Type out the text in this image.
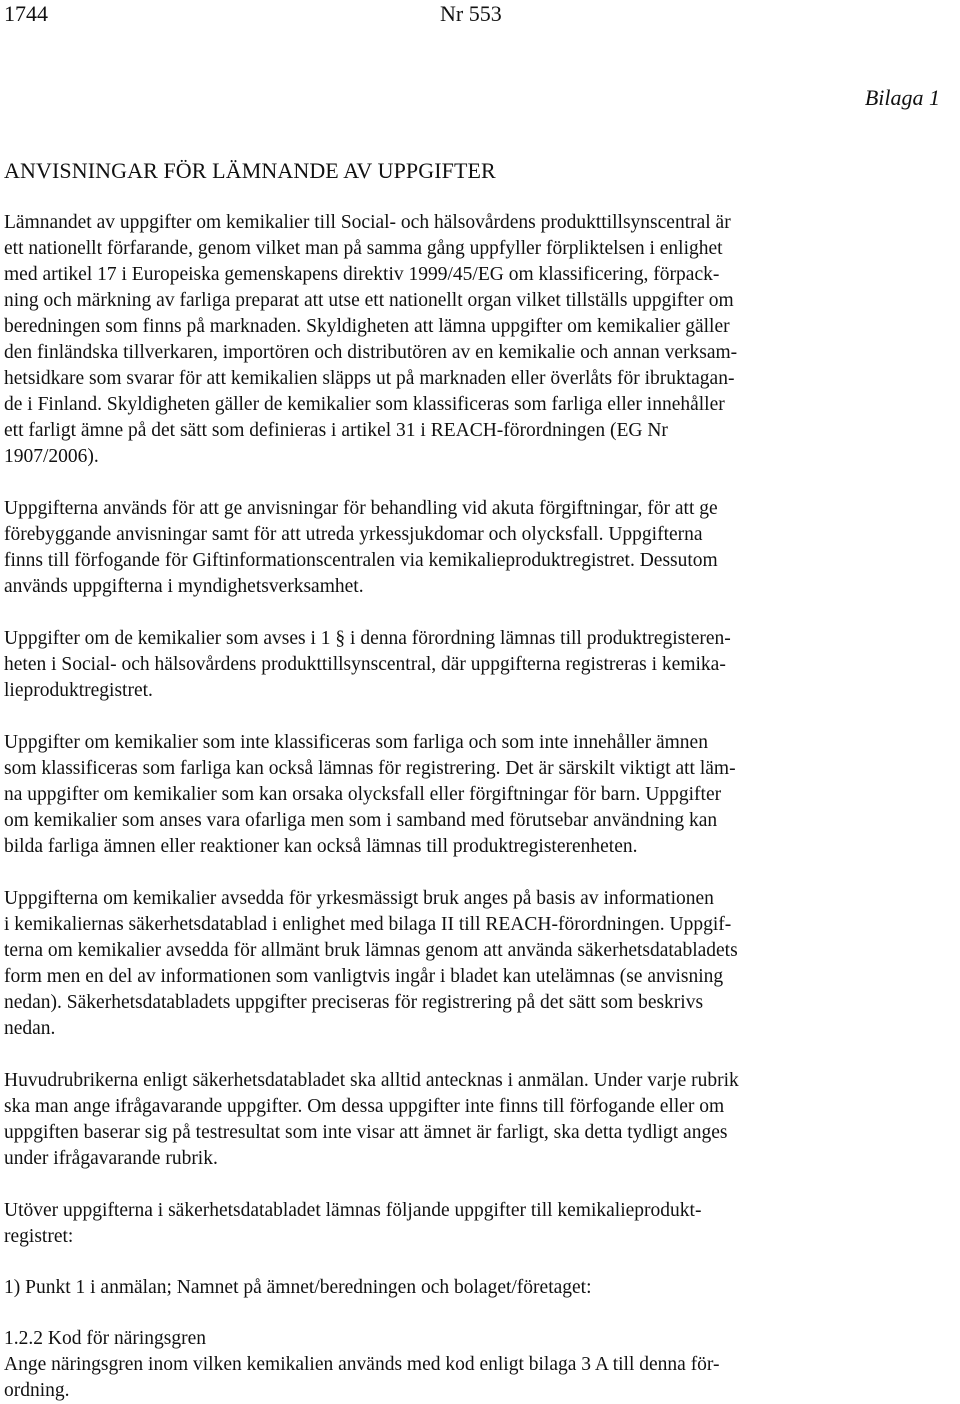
1744	Nr 553
Bilaga 1
ANVISNINGAR FÖR LÄMNANDE AV UPPGIFTER
Lämnandet av uppgifter om kemikalier till Social- och hälsovårdens produkttillsynscentral är
ett nationellt förfarande, genom vilket man på samma gång uppfyller förpliktelsen i enlighet
med artikel 17 i Europeiska gemenskapens direktiv 1999/45/EG om klassificering, förpack-
ning och märkning av farliga preparat att utse ett nationellt organ vilket tillställs uppgifter om
beredningen som finns på marknaden. Skyldigheten att lämna uppgifter om kemikalier gäller
den finländska tillverkaren, importören och distributören av en kemikalie och annan verksam-
hetsidkare som svarar för att kemikalien släpps ut på marknaden eller överlåts för ibruktagan-
de i Finland. Skyldigheten gäller de kemikalier som klassificeras som farliga eller innehåller
ett farligt ämne på det sätt som definieras i artikel 31 i REACH-förordningen (EG Nr
1907/2006).
Uppgifterna används för att ge anvisningar för behandling vid akuta förgiftningar, för att ge
förebyggande anvisningar samt för att utreda yrkessjukdomar och olycksfall. Uppgifterna
finns till förfogande för Giftinformationscentralen via kemikalieproduktregistret. Dessutom
används uppgifterna i myndighetsverksamhet.
Uppgifter om de kemikalier som avses i 1 § i denna förordning lämnas till produktregisteren-
heten i Social- och hälsovårdens produkttillsynscentral, där uppgifterna registreras i kemika-
lieproduktregistret.
Uppgifter om kemikalier som inte klassificeras som farliga och som inte innehåller ämnen
som klassificeras som farliga kan också lämnas för registrering. Det är särskilt viktigt att läm-
na uppgifter om kemikalier som kan orsaka olycksfall eller förgiftningar för barn. Uppgifter
om kemikalier som anses vara ofarliga men som i samband med förutsebar användning kan
bilda farliga ämnen eller reaktioner kan också lämnas till produktregisterenheten.
Uppgifterna om kemikalier avsedda för yrkesmässigt bruk anges på basis av informationen
i kemikaliernas säkerhetsdatablad i enlighet med bilaga II till REACH-förordningen. Uppgif-
terna om kemikalier avsedda för allmänt bruk lämnas genom att använda säkerhetsdatabladets
form men en del av informationen som vanligtvis ingår i bladet kan utelämnas (se anvisning
nedan). Säkerhetsdatabladets uppgifter preciseras för registrering på det sätt som beskrivs
nedan.
Huvudrubrikerna enligt säkerhetsdatabladet ska alltid antecknas i anmälan. Under varje rubrik
ska man ange ifrågavarande uppgifter. Om dessa uppgifter inte finns till förfogande eller om
uppgiften baserar sig på testresultat som inte visar att ämnet är farligt, ska detta tydligt anges
under ifrågavarande rubrik.
Utöver uppgifterna i säkerhetsdatabladet lämnas följande uppgifter till kemikalieprodukt-
registret:
1) Punkt 1 i anmälan; Namnet på ämnet/beredningen och bolaget/företaget:
1.2.2 Kod för näringsgren
Ange näringsgren inom vilken kemikalien används med kod enligt bilaga 3 A till denna för-
ordning.
